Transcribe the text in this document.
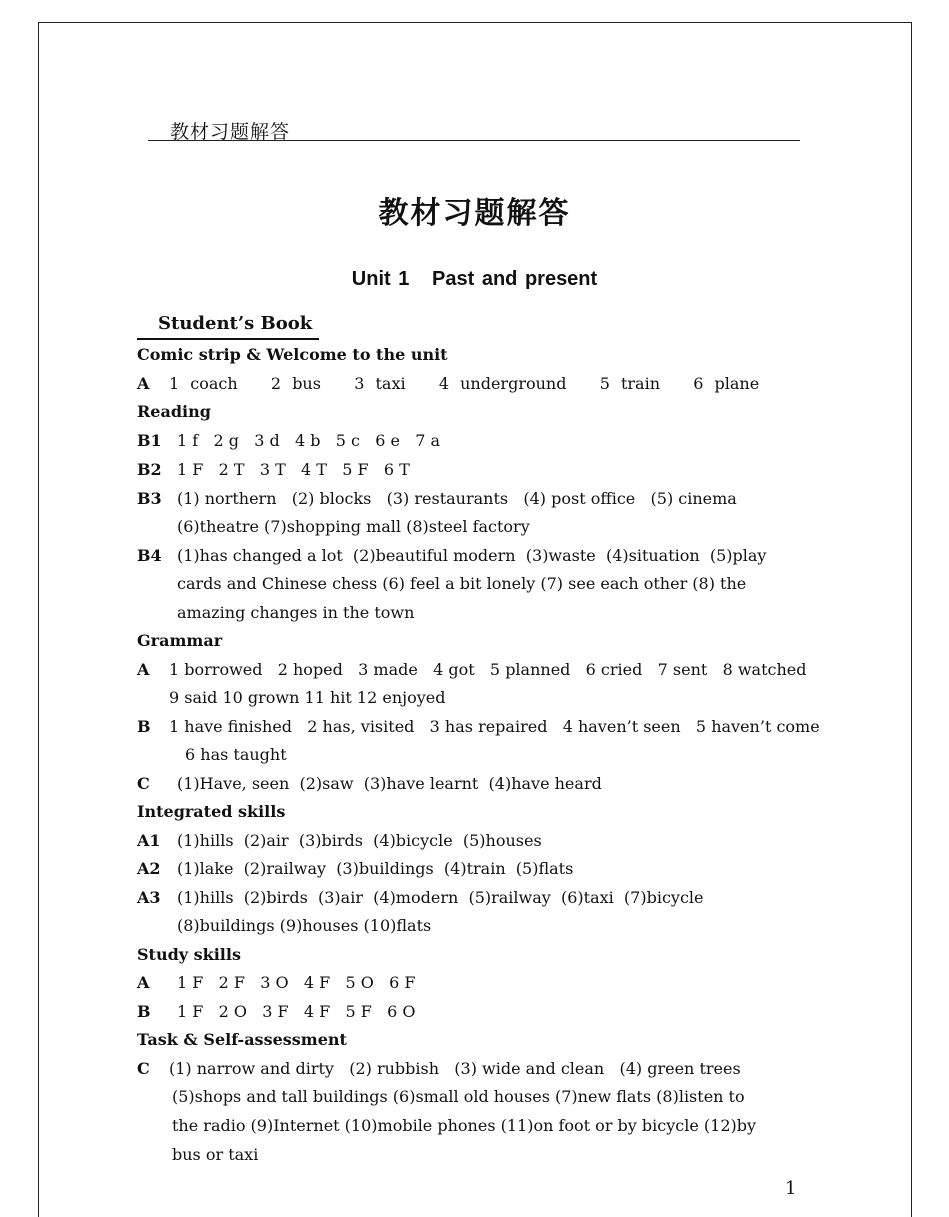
教材习题解答
教材习题解答
Unit 1   Past and present
Student’s Book
Comic strip & Welcome to the unit
A 1 coach   2 bus   3 taxi   4 underground   5 train   6 plane
Reading
B1 1 f   2 g   3 d   4 b   5 c   6 e   7 a
B2 1 F   2 T   3 T   4 T   5 F   6 T
B3 (1) northern   (2) blocks   (3) restaurants   (4) post office   (5) cinema
(6)theatre (7)shopping mall (8)steel factory
B4 (1)has changed a lot  (2)beautiful modern  (3)waste  (4)situation  (5)play
cards and Chinese chess (6) feel a bit lonely (7) see each other (8) the
amazing changes in the town
Grammar
A 1 borrowed   2 hoped   3 made   4 got   5 planned   6 cried   7 sent   8 watched
9 said 10 grown 11 hit 12 enjoyed
B 1 have finished   2 has, visited   3 has repaired   4 haven’t seen   5 haven’t come
6 has taught
C (1)Have, seen  (2)saw  (3)have learnt  (4)have heard
Integrated skills
A1 (1)hills  (2)air  (3)birds  (4)bicycle  (5)houses
A2 (1)lake  (2)railway  (3)buildings  (4)train  (5)flats
A3 (1)hills  (2)birds  (3)air  (4)modern  (5)railway  (6)taxi  (7)bicycle
(8)buildings (9)houses (10)flats
Study skills
A 1 F   2 F   3 O   4 F   5 O   6 F
B 1 F   2 O   3 F   4 F   5 F   6 O
Task & Self-assessment
C (1) narrow and dirty   (2) rubbish   (3) wide and clean   (4) green trees
(5)shops and tall buildings (6)small old houses (7)new flats (8)listen to
the radio (9)Internet (10)mobile phones (11)on foot or by bicycle (12)by
bus or taxi
1
